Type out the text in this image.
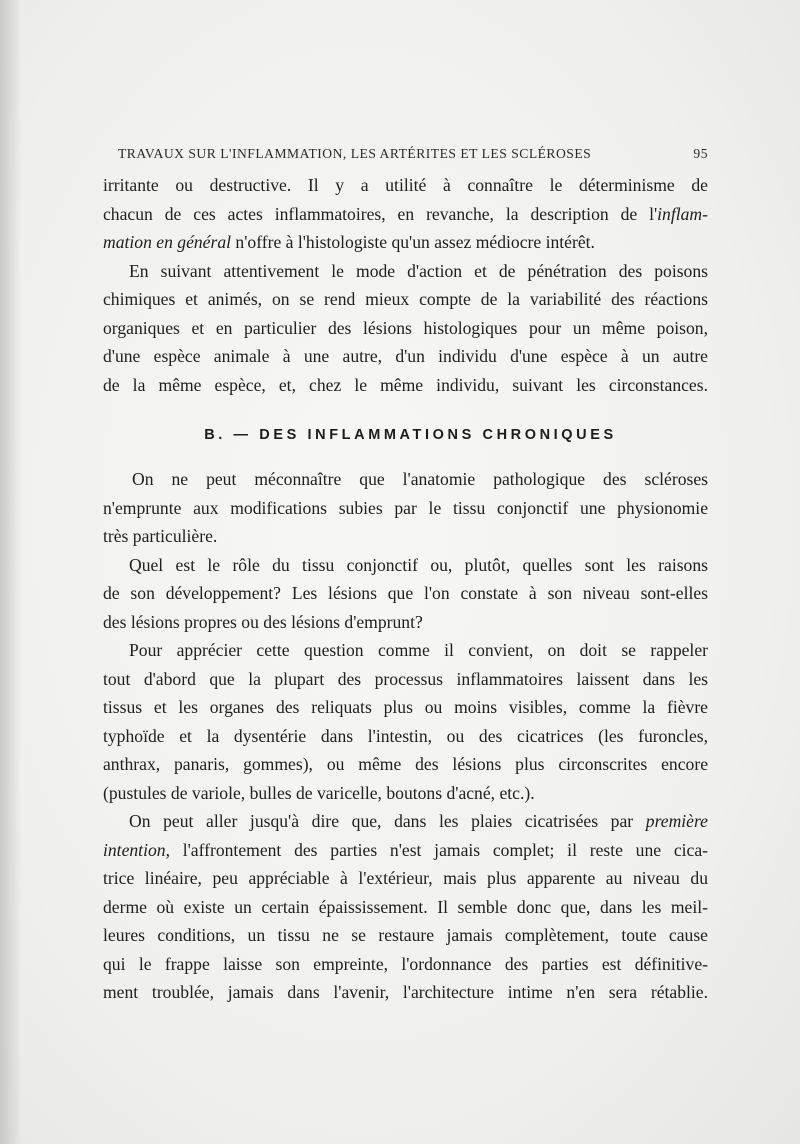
TRAVAUX SUR L'INFLAMMATION, LES ARTÉRITES ET LES SCLÉROSES	95
irritante ou destructive. Il y a utilité à connaître le déterminisme de
chacun de ces actes inflammatoires, en revanche, la description de l'inflam-
mation en général n'offre à l'histologiste qu'un assez médiocre intérêt.
En suivant attentivement le mode d'action et de pénétration des poisons
chimiques et animés, on se rend mieux compte de la variabilité des réactions
organiques et en particulier des lésions histologiques pour un même poison,
d'une espèce animale à une autre, d'un individu d'une espèce à un autre
de la même espèce, et, chez le même individu, suivant les circonstances.
B. — DES INFLAMMATIONS CHRONIQUES
On ne peut méconnaître que l'anatomie pathologique des scléroses
n'emprunte aux modifications subies par le tissu conjonctif une physionomie
très particulière.
Quel est le rôle du tissu conjonctif ou, plutôt, quelles sont les raisons
de son développement? Les lésions que l'on constate à son niveau sont-elles
des lésions propres ou des lésions d'emprunt?
Pour apprécier cette question comme il convient, on doit se rappeler
tout d'abord que la plupart des processus inflammatoires laissent dans les
tissus et les organes des reliquats plus ou moins visibles, comme la fièvre
typhoïde et la dysentérie dans l'intestin, ou des cicatrices (les furoncles,
anthrax, panaris, gommes), ou même des lésions plus circonscrites encore
(pustules de variole, bulles de varicelle, boutons d'acné, etc.).
On peut aller jusqu'à dire que, dans les plaies cicatrisées par première
intention, l'affrontement des parties n'est jamais complet; il reste une cica-
trice linéaire, peu appréciable à l'extérieur, mais plus apparente au niveau du
derme où existe un certain épaississement. Il semble donc que, dans les meil-
leures conditions, un tissu ne se restaure jamais complètement, toute cause
qui le frappe laisse son empreinte, l'ordonnance des parties est définitive-
ment troublée, jamais dans l'avenir, l'architecture intime n'en sera rétablie.
